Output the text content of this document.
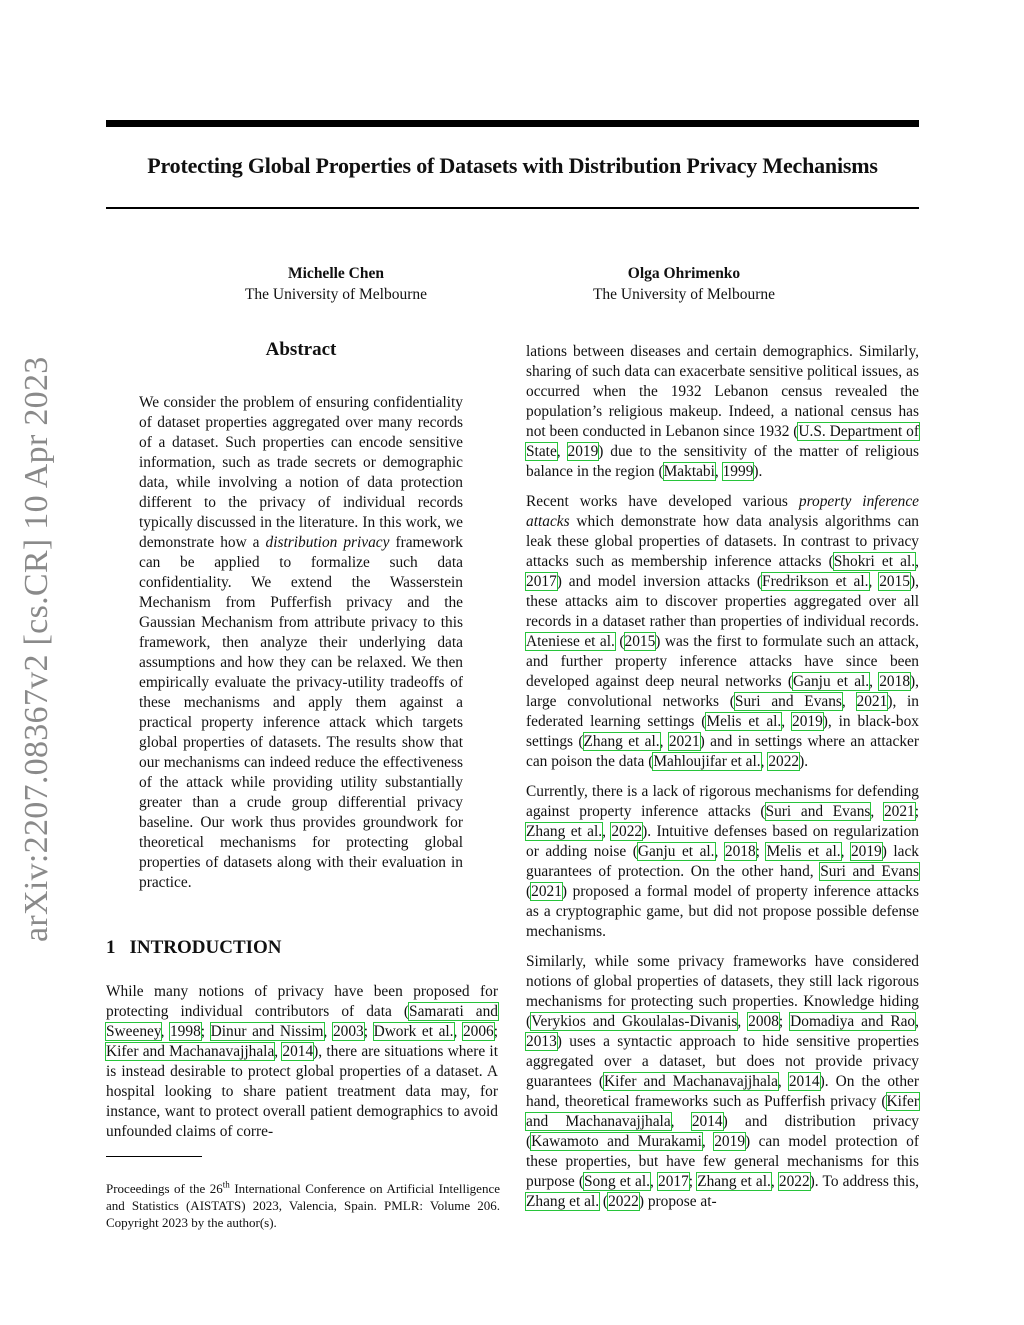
Protecting Global Properties of Datasets with Distribution Privacy Mechanisms
Michelle Chen
The University of Melbourne
Olga Ohrimenko
The University of Melbourne
arXiv:2207.08367v2 [cs.CR] 10 Apr 2023
Abstract

We consider the problem of ensuring confidentiality of dataset properties aggregated over many records of a dataset. Such properties can encode sensitive information, such as trade secrets or demographic data, while involving a notion of data protection different to the privacy of individual records typically discussed in the literature. In this work, we demonstrate how a distribution privacy framework can be applied to formalize such data confidentiality. We extend the Wasserstein Mechanism from Pufferfish privacy and the Gaussian Mechanism from attribute privacy to this framework, then analyze their underlying data assumptions and how they can be relaxed. We then empirically evaluate the privacy-utility tradeoffs of these mechanisms and apply them against a practical property inference attack which targets global properties of datasets. The results show that our mechanisms can indeed reduce the effectiveness of the attack while providing utility substantially greater than a crude group differential privacy baseline. Our work thus provides groundwork for theoretical mechanisms for protecting global properties of datasets along with their evaluation in practice.

1 INTRODUCTION

While many notions of privacy have been proposed for protecting individual contributors of data (Samarati and Sweeney, 1998; Dinur and Nissim, 2003; Dwork et al., 2006; Kifer and Machanavajjhala, 2014), there are situations where it is instead desirable to protect global properties of a dataset. A hospital looking to share patient treatment data may, for instance, want to protect overall patient demographics to avoid unfounded claims of corre-

Proceedings of the 26th International Conference on Artificial Intelligence and Statistics (AISTATS) 2023, Valencia, Spain. PMLR: Volume 206. Copyright 2023 by the author(s).

lations between diseases and certain demographics. Similarly, sharing of such data can exacerbate sensitive political issues, as occurred when the 1932 Lebanon census revealed the population’s religious makeup. Indeed, a national census has not been conducted in Lebanon since 1932 (U.S. Department of State, 2019) due to the sensitivity of the matter of religious balance in the region (Maktabi, 1999).

Recent works have developed various property inference attacks which demonstrate how data analysis algorithms can leak these global properties of datasets. In contrast to privacy attacks such as membership inference attacks (Shokri et al., 2017) and model inversion attacks (Fredrikson et al., 2015), these attacks aim to discover properties aggregated over all records in a dataset rather than properties of individual records. Ateniese et al. (2015) was the first to formulate such an attack, and further property inference attacks have since been developed against deep neural networks (Ganju et al., 2018), large convolutional networks (Suri and Evans, 2021), in federated learning settings (Melis et al., 2019), in black-box settings (Zhang et al., 2021) and in settings where an attacker can poison the data (Mahloujifar et al., 2022).

Currently, there is a lack of rigorous mechanisms for defending against property inference attacks (Suri and Evans, 2021; Zhang et al., 2022). Intuitive defenses based on regularization or adding noise (Ganju et al., 2018; Melis et al., 2019) lack guarantees of protection. On the other hand, Suri and Evans (2021) proposed a formal model of property inference attacks as a cryptographic game, but did not propose possible defense mechanisms.

Similarly, while some privacy frameworks have considered notions of global properties of datasets, they still lack rigorous mechanisms for protecting such properties. Knowledge hiding (Verykios and Gkoulalas-Divanis, 2008; Domadiya and Rao, 2013) uses a syntactic approach to hide sensitive properties aggregated over a dataset, but does not provide privacy guarantees (Kifer and Machanavajjhala, 2014). On the other hand, theoretical frameworks such as Pufferfish privacy (Kifer and Machanavajjhala, 2014) and distribution privacy (Kawamoto and Murakami, 2019) can model protection of these properties, but have few general mechanisms for this purpose (Song et al., 2017; Zhang et al., 2022). To address this, Zhang et al. (2022) propose at-
